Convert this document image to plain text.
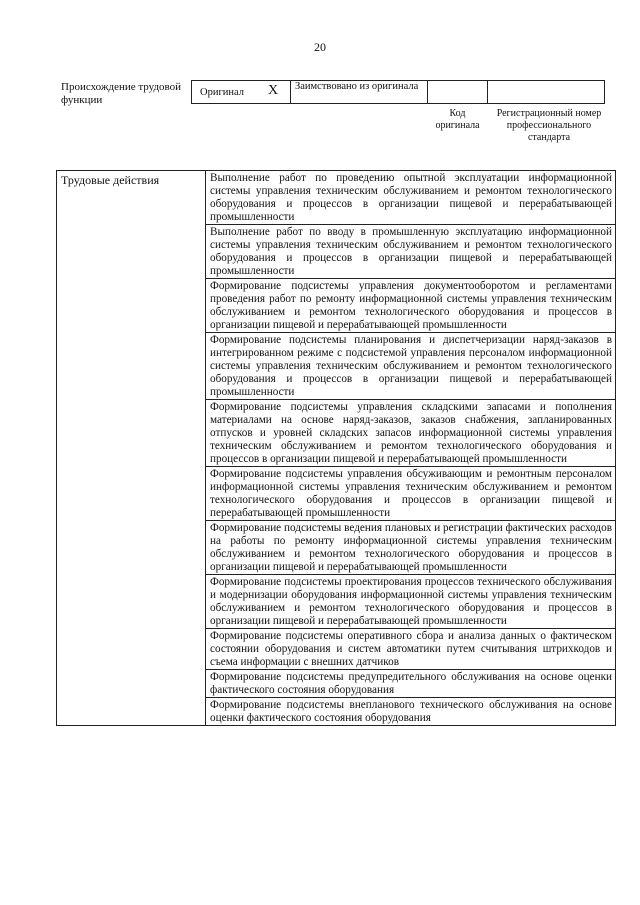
20
Происхождение трудовой функции
Оригинал X	Заимствовано из оригинала
Код оригинала
Регистрационный номер профессионального стандарта
Трудовые действия	Выполнение работ по проведению опытной эксплуатации информационной системы управления техническим обслуживанием и ремонтом технологического оборудования и процессов в организации пищевой и перерабатывающей промышленности
Выполнение работ по вводу в промышленную эксплуатацию информационной системы управления техническим обслуживанием и ремонтом технологического оборудования и процессов в организации пищевой и перерабатывающей промышленности
Формирование подсистемы управления документооборотом и регламентами проведения работ по ремонту информационной системы управления техническим обслуживанием и ремонтом технологического оборудования и процессов в организации пищевой и перерабатывающей промышленности
Формирование подсистемы планирования и диспетчеризации наряд-заказов в интегрированном режиме с подсистемой управления персоналом информационной системы управления техническим обслуживанием и ремонтом технологического оборудования и процессов в организации пищевой и перерабатывающей промышленности
Формирование подсистемы управления складскими запасами и пополнения материалами на основе наряд-заказов, заказов снабжения, запланированных отпусков и уровней складских запасов информационной системы управления техническим обслуживанием и ремонтом технологического оборудования и процессов в организации пищевой и перерабатывающей промышленности
Формирование подсистемы управления обсуживающим и ремонтным персоналом информационной системы управления техническим обслуживанием и ремонтом технологического оборудования и процессов в организации пищевой и перерабатывающей промышленности
Формирование подсистемы ведения плановых и регистрации фактических расходов на работы по ремонту информационной системы управления техническим обслуживанием и ремонтом технологического оборудования и процессов в организации пищевой и перерабатывающей промышленности
Формирование подсистемы проектирования процессов технического обслуживания и модернизации оборудования информационной системы управления техническим обслуживанием и ремонтом технологического оборудования и процессов в организации пищевой и перерабатывающей промышленности
Формирование подсистемы оперативного сбора и анализа данных о фактическом состоянии оборудования и систем автоматики путем считывания штрихкодов и съема информации с внешних датчиков
Формирование подсистемы предупредительного обслуживания на основе оценки фактического состояния оборудования
Формирование подсистемы внепланового технического обслуживания на основе оценки фактического состояния оборудования
